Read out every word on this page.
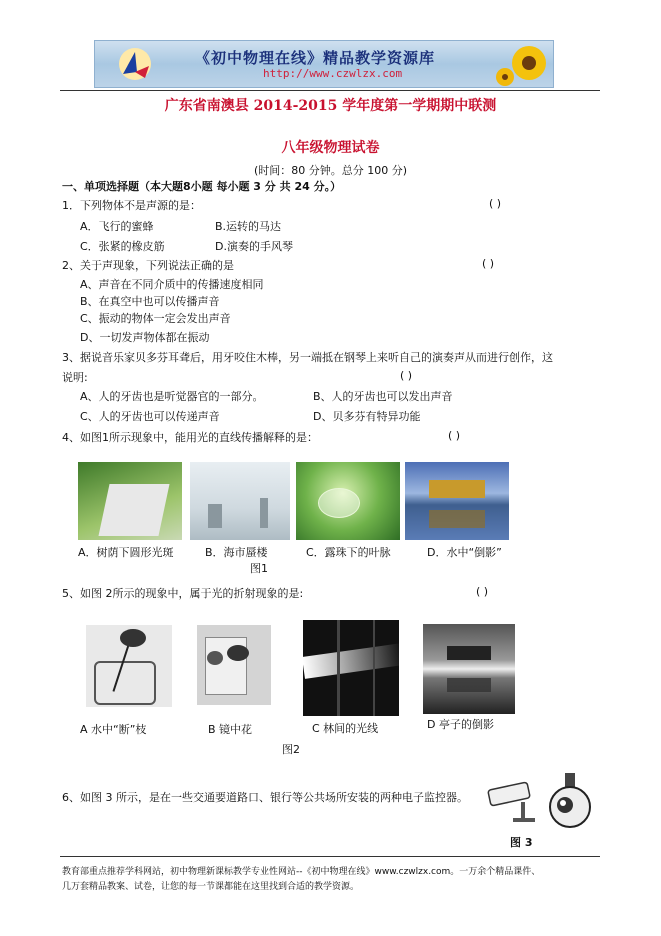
《初中物理在线》精品教学资源库
http://www.czwlzx.com
广东省南澳县 2014-2015 学年度第一学期期中联测
八年级物理试卷
(时间：80 分钟。总分 100 分)
一、单项选择题（本大题8小题 每小题 3 分 共 24 分。）
1．下列物体不是声源的是：	( )
A．飞行的蜜蜂	B.运转的马达
C．张紧的橡皮筋	D.演奏的手风琴
2、关于声现象，下列说法正确的是	( )
A、声音在不同介质中的传播速度相同
B、在真空中也可以传播声音
C、振动的物体一定会发出声音
D、一切发声物体都在振动
3、据说音乐家贝多芬耳聋后，用牙咬住木棒，另一端抵在钢琴上来听自己的演奏声从而进行创作，这
说明:	( )
A、人的牙齿也是听觉器官的一部分。	B、人的牙齿也可以发出声音
C、人的牙齿也可以传递声音	D、贝多芬有特异功能
4、如图1所示现象中，能用光的直线传播解释的是：	( )
A．树荫下圆形光斑	B．海市蜃楼	C．露珠下的叶脉	D．水中“倒影”
图1
5、如图 2所示的现象中，属于光的折射现象的是:	( )
A 水中“断”枝	B 镜中花	C 林间的光线	D 亭子的倒影
图2
6、如图 3 所示，是在一些交通要道路口、银行等公共场所安装的两种电子监控器。
图 3
教育部重点推荐学科网站，初中物理新课标教学专业性网站--《初中物理在线》www.czwlzx.com。一万余个精品课件、
几万套精品教案、试卷，让您的每一节课都能在这里找到合适的教学资源。
